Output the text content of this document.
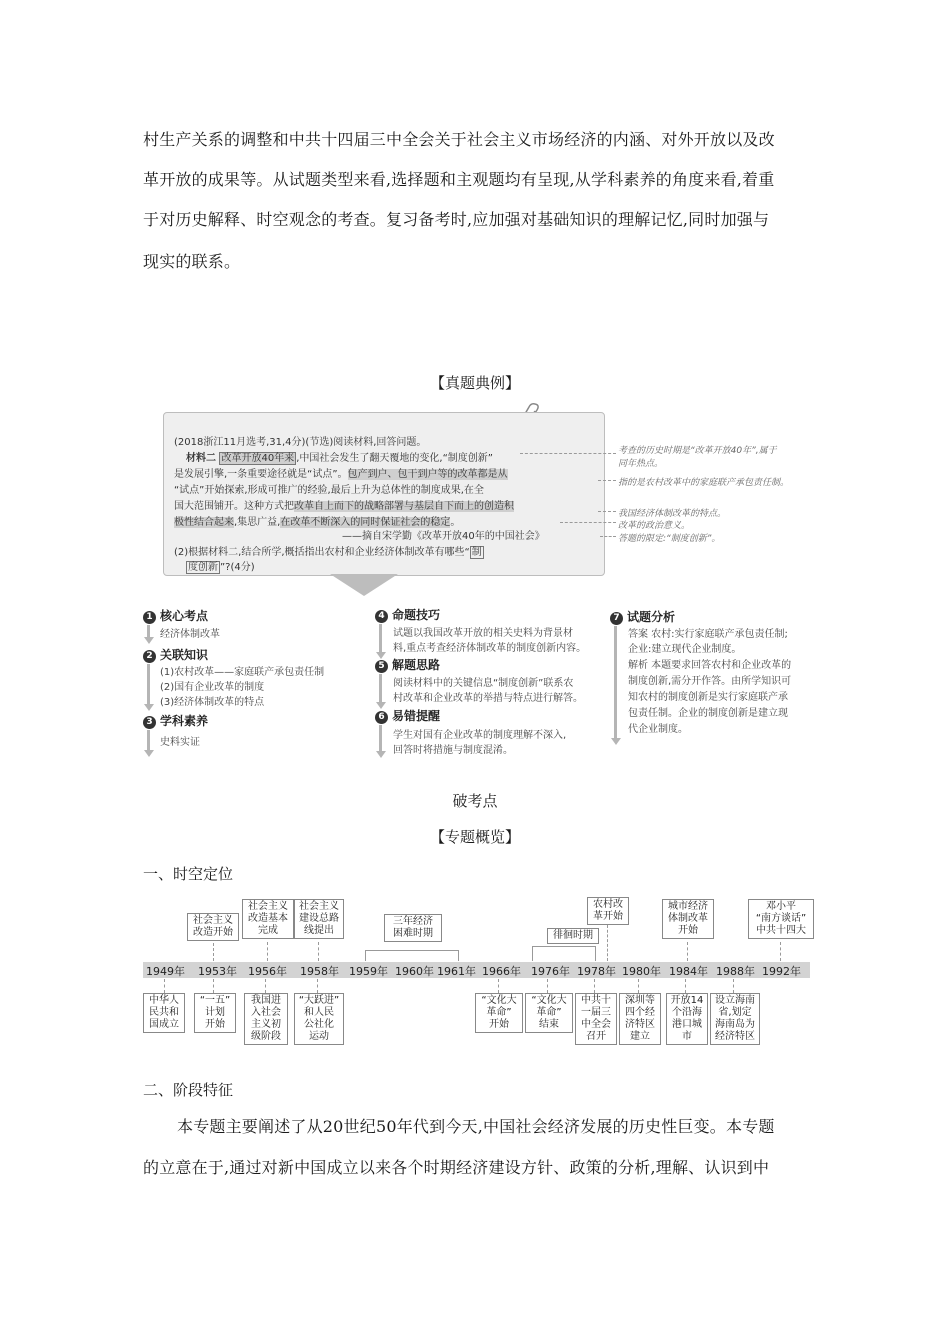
村生产关系的调整和中共十四届三中全会关于社会主义市场经济的内涵、对外开放以及改
革开放的成果等。从试题类型来看,选择题和主观题均有呈现,从学科素养的角度来看,着重
于对历史解释、时空观念的考查。复习备考时,应加强对基础知识的理解记忆,同时加强与
现实的联系。
【真题典例】
(2018浙江11月选考,31,4分)(节选)阅读材料,回答问题。
材料二 改革开放40年来 ,中国社会发生了翻天覆地的变化,“制度创新”
是发展引擎,一条重要途径就是“试点”。包产到户、包干到户等的改革都是从
“试点”开始探索,形成可推广的经验,最后上升为总体性的制度成果,在全
国大范围铺开。这种方式把改革自上而下的战略部署与基层自下而上的创造积
极性结合起来,集思广益,在改革不断深入的同时保证社会的稳定。
——摘自宋学勤《改革开放40年的中国社会》
(2)根据材料二,结合所学,概括指出农村和企业经济体制改革有哪些“ 制
度创新 ”?(4分)
考查的历史时期是“改革开放40年”,属于
同年热点。
指的是农村改革中的家庭联产承包责任制。
我国经济体制改革的特点。
改革的政治意义。
答题的限定:“制度创新”。
1 核心考点
经济体制改革
2 关联知识
(1)农村改革——家庭联产承包责任制
(2)国有企业改革的制度
(3)经济体制改革的特点
3 学科素养
史料实证
4 命题技巧
试题以我国改革开放的相关史料为背景材
料,重点考查经济体制改革的制度创新内容。
5 解题思路
阅读材料中的关键信息“制度创新”联系农
村改革和企业改革的举措与特点进行解答。
6 易错提醒
学生对国有企业改革的制度理解不深入,
回答时将措施与制度混淆。
7 试题分析
答案 农村:实行家庭联产承包责任制;
企业:建立现代企业制度。
解析 本题要求回答农村和企业改革的
制度创新,需分开作答。由所学知识可
知农村的制度创新是实行家庭联产承
包责任制。企业的制度创新是建立现
代企业制度。
破考点
【专题概览】
一、时空定位
1949年 1953年 1956年 1958年 1959年 1960年 1961年 1966年 1976年 1978年 1980年 1984年 1988年 1992年
社会主义
改造开始
社会主义
改造基本
完成
社会主义
建设总路
线提出
三年经济
困难时期	徘徊时期
农村改
革开始
城市经济
体制改革
开始
邓小平
“南方谈话”
中共十四大
中华人
民共和
国成立
“一五”
计划
开始
我国进
入社会
主义初
级阶段
“大跃进”
和人民
公社化
运动
“文化大
革命”
开始
“文化大
革命”
结束
中共十
一届三
中全会
召开
深圳等
四个经
济特区
建立
开放14
个沿海
港口城
市
设立海南
省,划定
海南岛为
经济特区
二、阶段特征
本专题主要阐述了从20世纪50年代到今天,中国社会经济发展的历史性巨变。本专题
的立意在于,通过对新中国成立以来各个时期经济建设方针、政策的分析,理解、认识到中
